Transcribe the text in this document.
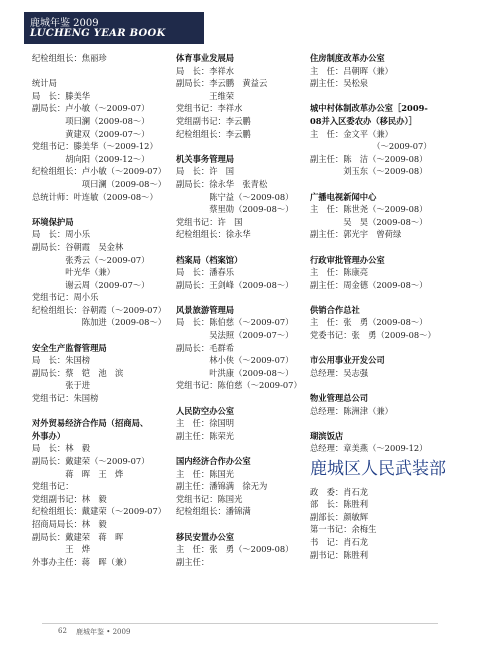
鹿城年鉴 2009
LUCHENG YEAR BOOK
纪检组组长：焦丽珍
统计局
局　长：滕美华
副局长：卢小敏（～2009-07）
　　　　项曰澜（2009-08～）
　　　　黄建双（2009-07～）
党组书记：滕美华（～2009-12）
　　　　胡向阳（2009-12～）
纪检组组长：卢小敏（～2009-07）
　　　　　　项曰澜（2009-08～）
总统计师：叶连敏（2009-08～）
环境保护局
局　长：周小乐
副局长：谷朝霞　吴金林
　　　　张秀云（～2009-07）
　　　　叶光华（兼）
　　　　谢云周（2009-07～）
党组书记：周小乐
纪检组组长：谷朝霞（～2009-07）
　　　　　　陈加进（2009-08～）
安全生产监督管理局
局　长：朱国榜
副局长：蔡　铠　池　滨
　　　　张于进
党组书记：朱国榜
对外贸易经济合作局（招商局、
外事办）
局　长：林　毅
副局长：戴建荣（～2009-07）
　　　　蒋　晖　王　烨
党组书记：
党组副书记：林　毅
纪检组组长：戴建荣（～2009-07）
招商局局长：林　毅
副局长：戴建荣　蒋　晖
　　　　王　烨
外事办主任：蒋　晖（兼）
体育事业发展局
局　长：李祥水
副局长：李云鹏　黄益云
　　　　王维荣
党组书记：李祥水
党组副书记：李云鹏
纪检组组长：李云鹏
机关事务管理局
局　长：许　国
副局长：徐永华　张青松
　　　　陈宁益（～2009-08）
　　　　蔡里勋（2009-08～）
党组书记：许　国
纪检组组长：徐永华
档案局（档案馆）
局　长：潘春乐
副局长：王剑峰（2009-08～）
风景旅游管理局
局　长：陈伯慈（～2009-07）
　　　　吴法照（2009-07～）
副局长：毛群希
　　　　林小侠（～2009-07）
　　　　叶洪康（2009-08～）
党组书记：陈伯慈（～2009-07）
人民防空办公室
主　任：徐国明
副主任：陈荣光
国内经济合作办公室
主　任：陈国光
副主任：潘锦满　徐无为
党组书记：陈国光
纪检组组长：潘锦满
移民安置办公室
主　任：张　勇（～2009-08）
副主任：
住房制度改革办公室
主　任：吕朝晖（兼）
副主任：吴松泉
城中村体制改革办公室［2009-
08并入区委农办（移民办）］
主　任：金文平（兼）
　　　　　　　　（～2009-07）
副主任：陈　洁（～2009-08）
　　　　刘玉东（～2009-08）
广播电视新闻中心
主　任：陈世尧（～2009-08）
　　　　吴　昊（2009-08～）
副主任：郭光宇　曾荷绿
行政审批管理办公室
主　任：陈康亮
副主任：周金德（2009-08～）
供销合作总社
主　任：张　勇（2009-08～）
党委书记：张　勇（2009-08～）
市公用事业开发公司
总经理：吴志强
物业管理总公司
总经理：陈洲津（兼）
瑚滨饭店
总经理：章美燕（～2009-12）
鹿城区人民武装部
政　委：肖石龙
部　长：陈胜利
副部长：颜敏辉
第一书记：余梅生
书　记：肖石龙
副书记：陈胜利
62 鹿城年鉴 • 2009
